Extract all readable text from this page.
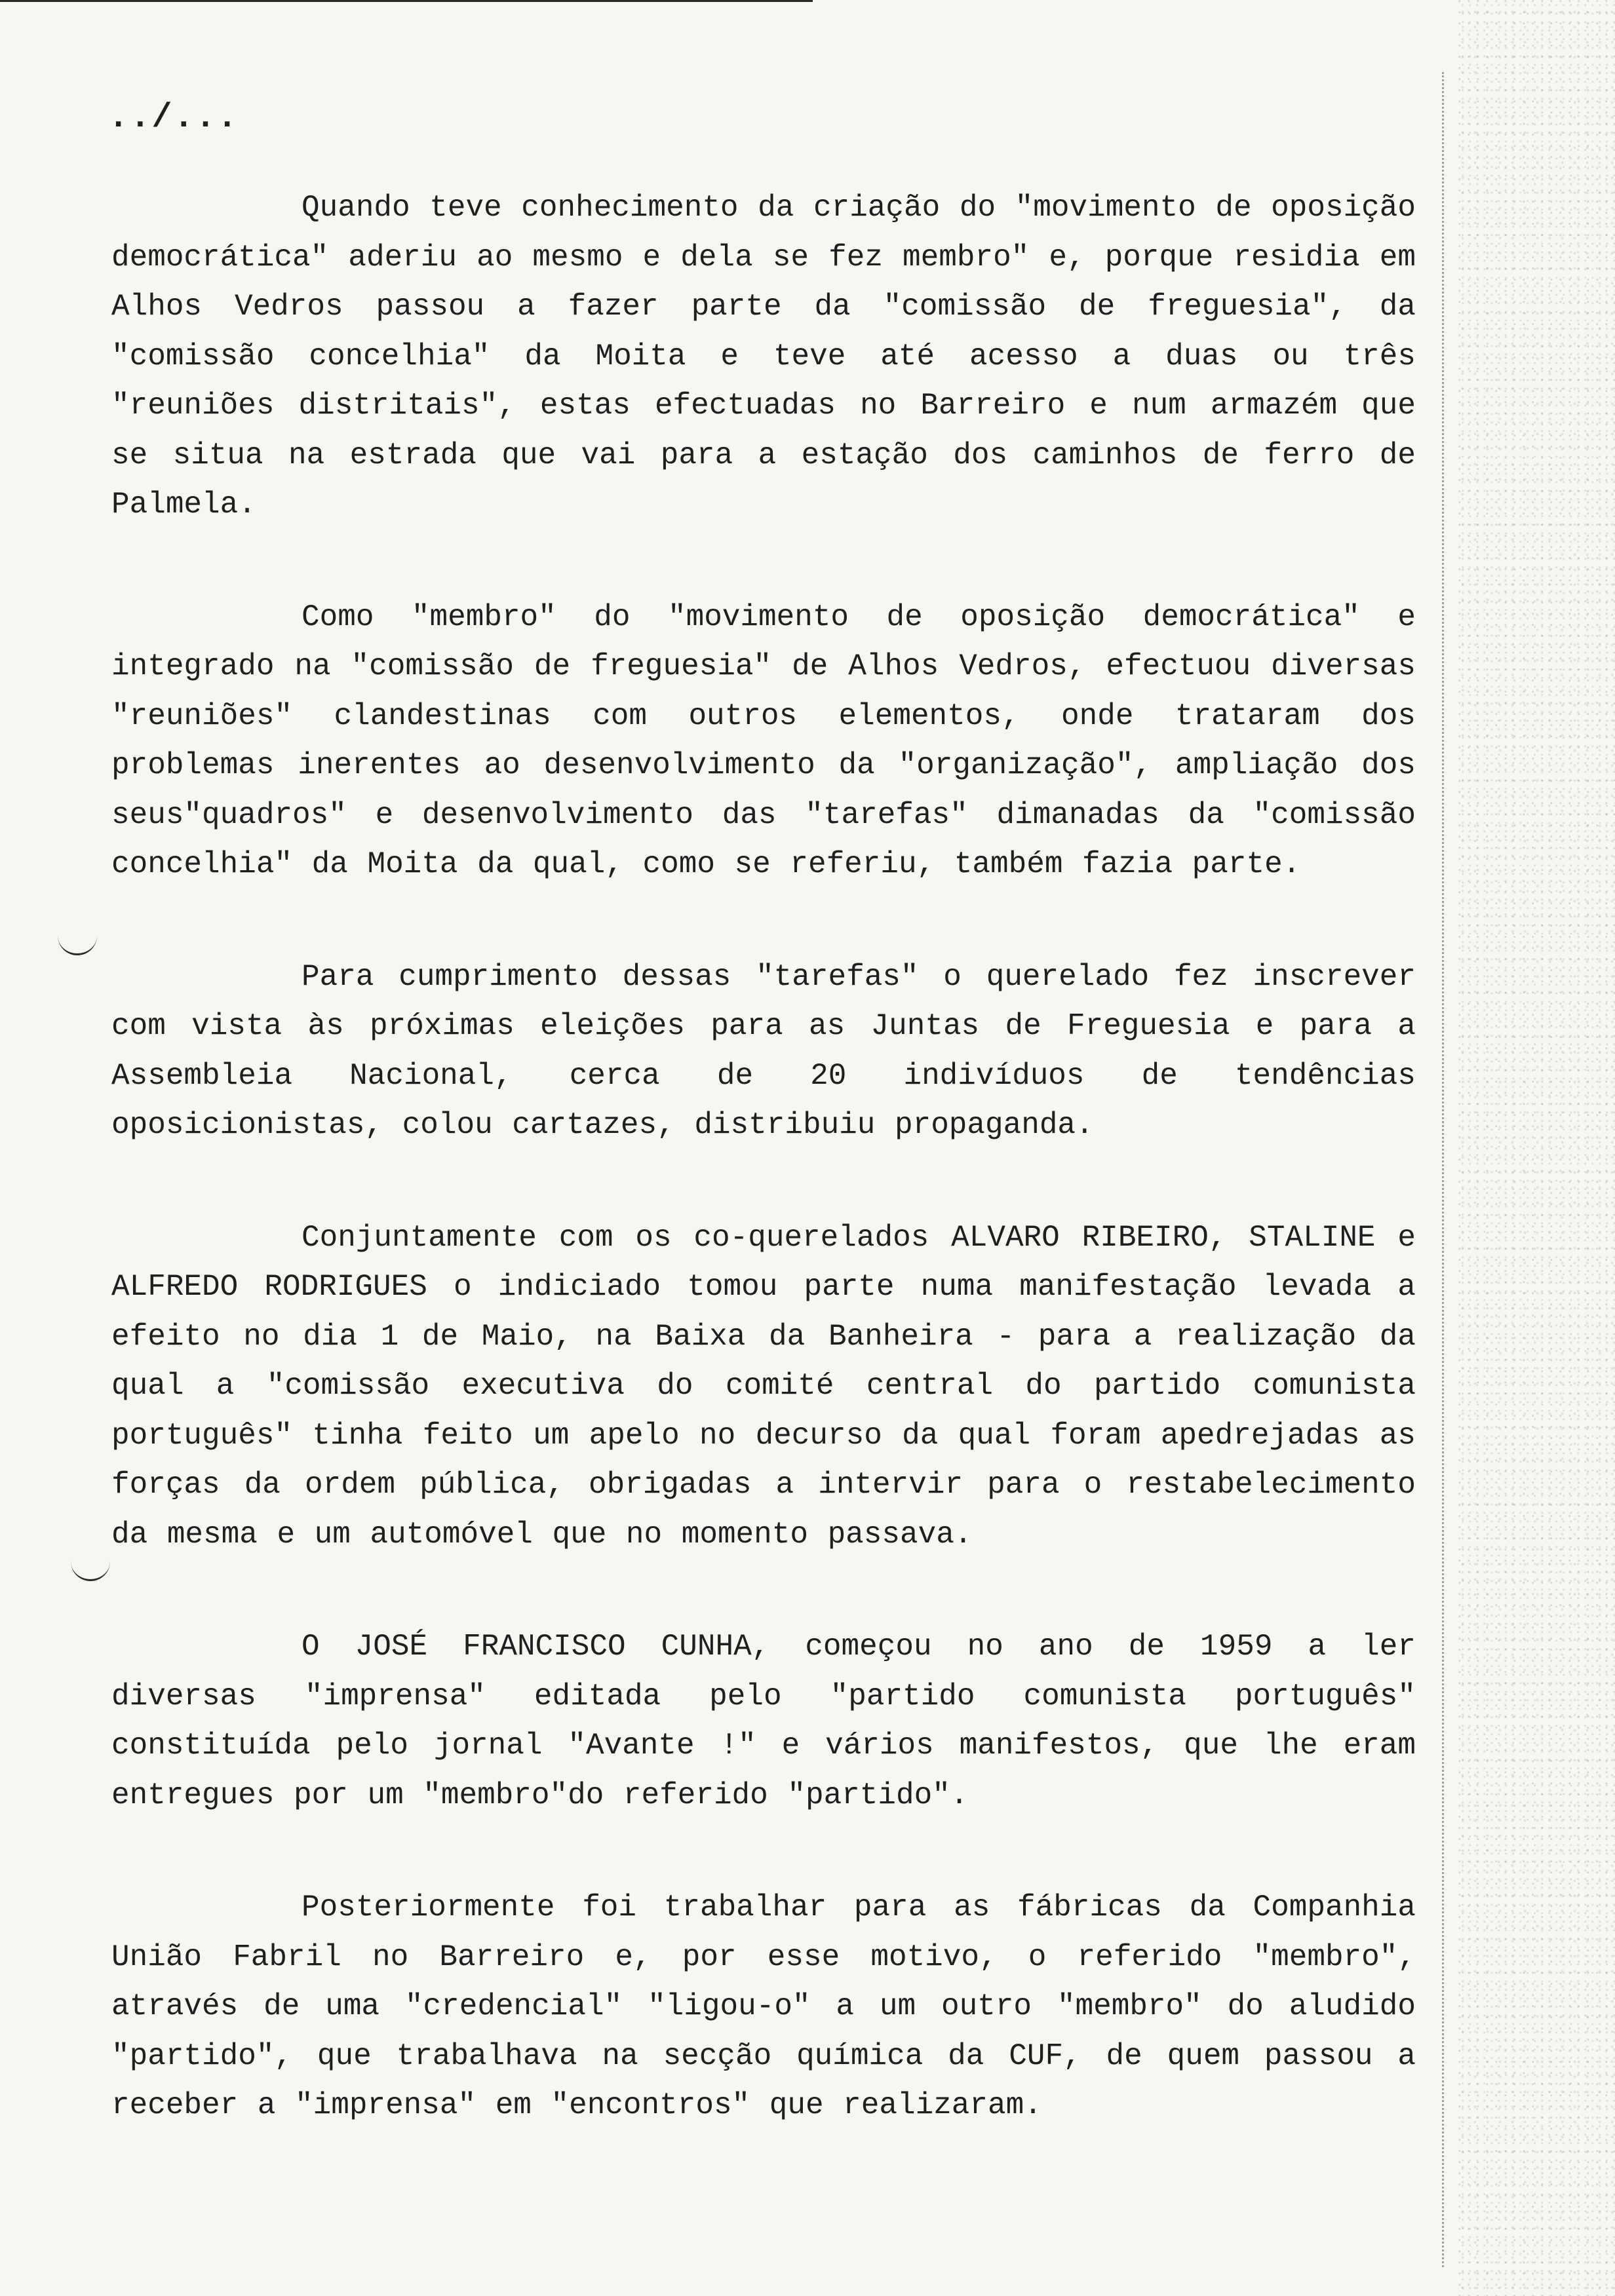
../...

Quando teve conhecimento da criação do "movimento de oposição democrática" aderiu ao mesmo e dela se fez membro" e, porque residia em Alhos Vedros passou a fazer parte da "comissão de freguesia", da "comissão concelhia" da Moita e teve até acesso a duas ou três "reuniões distritais", estas efectuadas no Barreiro e num armazém que se situa na estrada que vai para a estação dos caminhos de ferro de Palmela.

Como "membro" do "movimento de oposição democrática" e integrado na "comissão de freguesia" de Alhos Vedros, efectuou diversas "reuniões" clandestinas com outros elementos, onde trataram dos problemas inerentes ao desenvolvimento da "organização", ampliação dos seus"quadros" e desenvolvimento das "tarefas" dimanadas da "comissão concelhia" da Moita da qual, como se referiu, também fazia parte.

Para cumprimento dessas "tarefas" o querelado fez inscrever com vista às próximas eleições para as Juntas de Freguesia e para a Assembleia Nacional, cerca de 20 indivíduos de tendências oposicionistas, colou cartazes, distribuiu propaganda.

Conjuntamente com os co-querelados ALVARO RIBEIRO, STALINE e ALFREDO RODRIGUES o indiciado tomou parte numa manifestação levada a efeito no dia 1 de Maio, na Baixa da Banheira - para a realização da qual a "comissão executiva do comité central do partido comunista português" tinha feito um apelo no decurso da qual foram apedrejadas as forças da ordem pública, obrigadas a intervir para o restabelecimento da mesma e um automóvel que no momento passava.

O JOSÉ FRANCISCO CUNHA, começou no ano de 1959 a ler diversas "imprensa" editada pelo "partido comunista português" constituída pelo jornal "Avante !" e vários manifestos, que lhe eram entregues por um "membro"do referido "partido".

Posteriormente foi trabalhar para as fábricas da Companhia União Fabril no Barreiro e, por esse motivo, o referido "membro", através de uma "credencial" "ligou-o" a um outro "membro" do aludido "partido", que trabalhava na secção química da CUF, de quem passou a receber a "imprensa" em "encontros" que realizaram.
